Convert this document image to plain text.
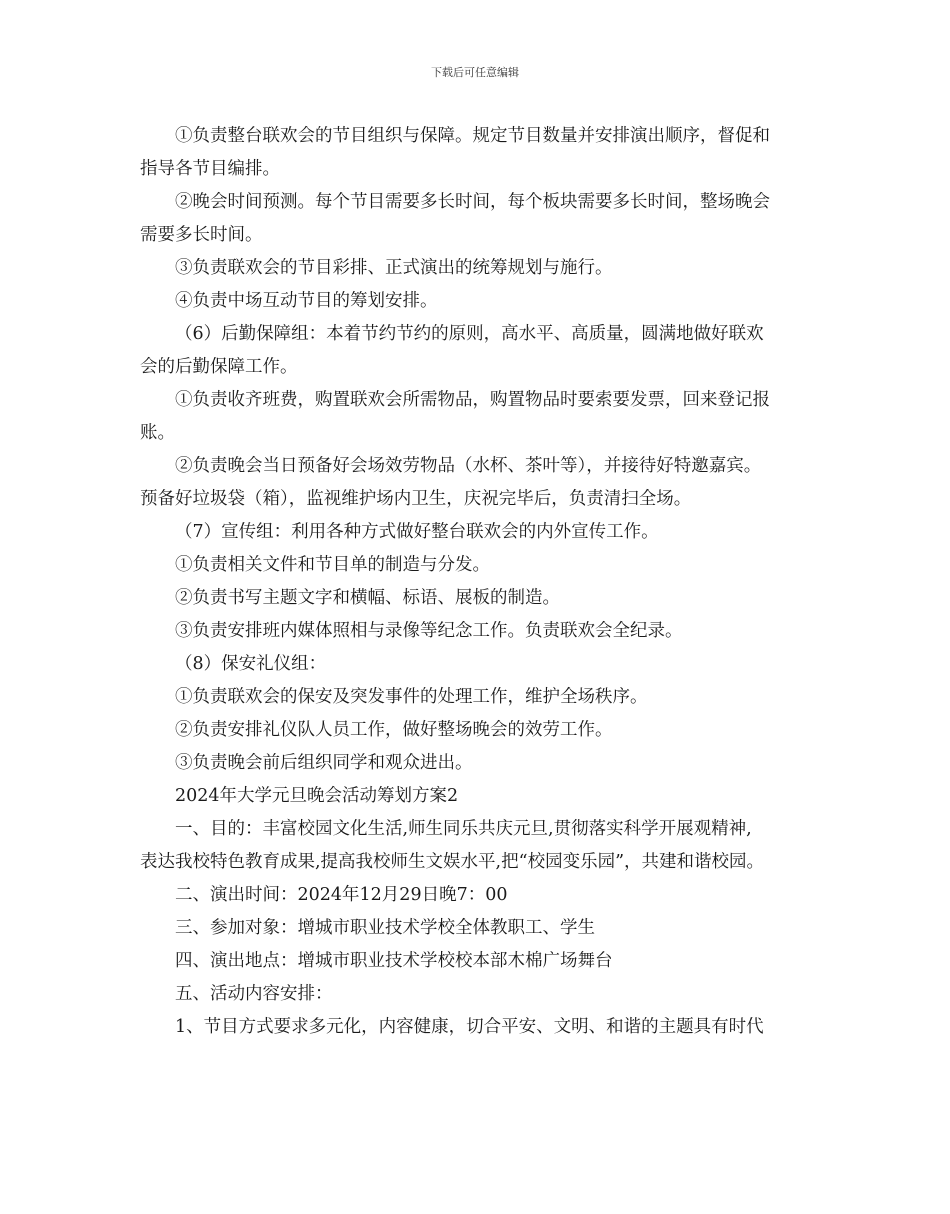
下载后可任意编辑
①负责整台联欢会的节目组织与保障。规定节目数量并安排演出顺序，督促和
指导各节目编排。
②晚会时间预测。每个节目需要多长时间，每个板块需要多长时间，整场晚会
需要多长时间。
③负责联欢会的节目彩排、正式演出的统筹规划与施行。
④负责中场互动节目的筹划安排。
（6）后勤保障组：本着节约节约的原则，高水平、高质量，圆满地做好联欢
会的后勤保障工作。
①负责收齐班费，购置联欢会所需物品，购置物品时要索要发票，回来登记报
账。
②负责晚会当日预备好会场效劳物品（水杯、茶叶等），并接待好特邀嘉宾。
预备好垃圾袋（箱），监视维护场内卫生，庆祝完毕后，负责清扫全场。
（7）宣传组：利用各种方式做好整台联欢会的内外宣传工作。
①负责相关文件和节目单的制造与分发。
②负责书写主题文字和横幅、标语、展板的制造。
③负责安排班内媒体照相与录像等纪念工作。负责联欢会全纪录。
（8）保安礼仪组：
①负责联欢会的保安及突发事件的处理工作，维护全场秩序。
②负责安排礼仪队人员工作，做好整场晚会的效劳工作。
③负责晚会前后组织同学和观众进出。
2024年大学元旦晚会活动筹划方案2
一、目的：丰富校园文化生活,师生同乐共庆元旦,贯彻落实科学开展观精神,
表达我校特色教育成果,提高我校师生文娱水平,把“校园变乐园”，共建和谐校园。
二、演出时间：2024年12月29日晚7：00
三、参加对象：增城市职业技术学校全体教职工、学生
四、演出地点：增城市职业技术学校校本部木棉广场舞台
五、活动内容安排：
1、节目方式要求多元化，内容健康，切合平安、文明、和谐的主题具有时代
